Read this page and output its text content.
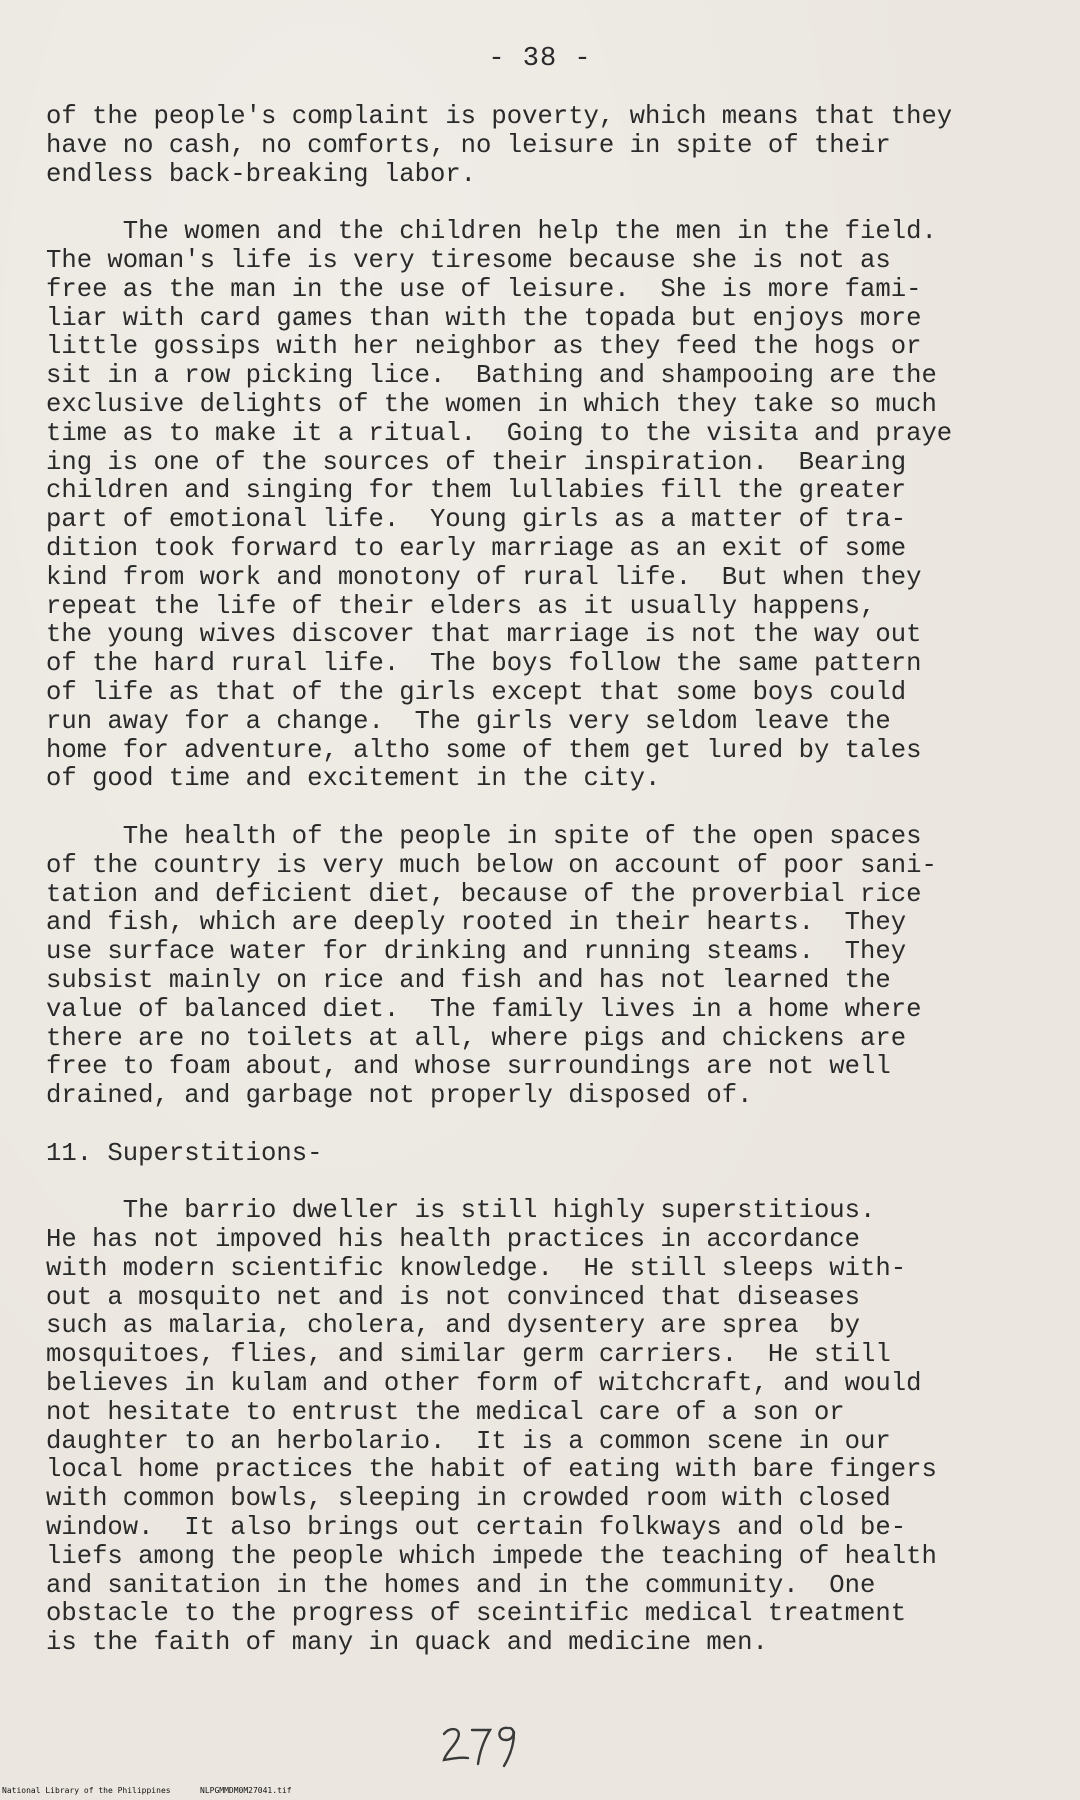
- 38 -
of the people's complaint is poverty, which means that they
have no cash, no comforts, no leisure in spite of their
endless back-breaking labor.
The women and the children help the men in the field.
The woman's life is very tiresome because she is not as
free as the man in the use of leisure.  She is more fami-
liar with card games than with the topada but enjoys more
little gossips with her neighbor as they feed the hogs or
sit in a row picking lice.  Bathing and shampooing are the
exclusive delights of the women in which they take so much
time as to make it a ritual.  Going to the visita and praye
ing is one of the sources of their inspiration.  Bearing
children and singing for them lullabies fill the greater
part of emotional life.  Young girls as a matter of tra-
dition took forward to early marriage as an exit of some
kind from work and monotony of rural life.  But when they
repeat the life of their elders as it usually happens,
the young wives discover that marriage is not the way out
of the hard rural life.  The boys follow the same pattern
of life as that of the girls except that some boys could
run away for a change.  The girls very seldom leave the
home for adventure, altho some of them get lured by tales
of good time and excitement in the city.
The health of the people in spite of the open spaces
of the country is very much below on account of poor sani-
tation and deficient diet, because of the proverbial rice
and fish, which are deeply rooted in their hearts.  They
use surface water for drinking and running steams.  They
subsist mainly on rice and fish and has not learned the
value of balanced diet.  The family lives in a home where
there are no toilets at all, where pigs and chickens are
free to foam about, and whose surroundings are not well
drained, and garbage not properly disposed of.
11. Superstitions-
The barrio dweller is still highly superstitious.
He has not impoved his health practices in accordance
with modern scientific knowledge.  He still sleeps with-
out a mosquito net and is not convinced that diseases
such as malaria, cholera, and dysentery are sprea  by
mosquitoes, flies, and similar germ carriers.  He still
believes in kulam and other form of witchcraft, and would
not hesitate to entrust the medical care of a son or
daughter to an herbolario.  It is a common scene in our
local home practices the habit of eating with bare fingers
with common bowls, sleeping in crowded room with closed
window.  It also brings out certain folkways and old be-
liefs among the people which impede the teaching of health
and sanitation in the homes and in the community.  One
obstacle to the progress of sceintific medical treatment
is the faith of many in quack and medicine men.
National Library of the Philippines	NLPGMMDM0M27041.tif
